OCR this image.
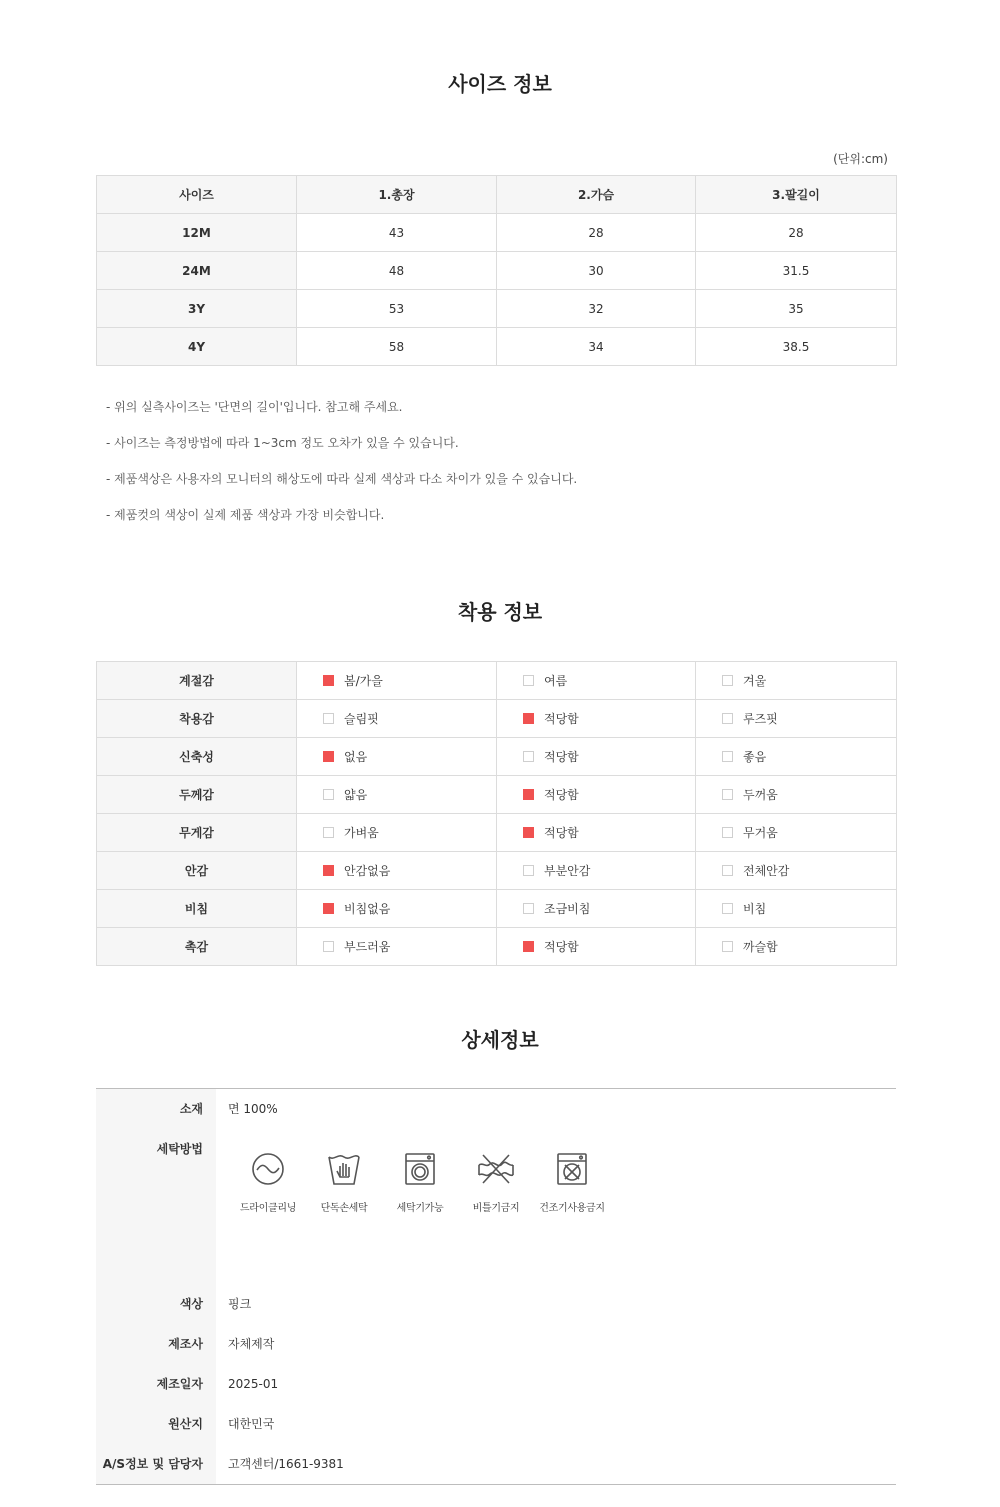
사이즈 정보
(단위:cm)
사이즈	1.총장	2.가슴	3.팔길이
12M	43	28	28
24M	48	30	31.5
3Y	53	32	35
4Y	58	34	38.5
- 위의 실측사이즈는 '단면의 길이'입니다. 참고해 주세요.
- 사이즈는 측정방법에 따라 1~3cm 정도 오차가 있을 수 있습니다.
- 제품색상은 사용자의 모니터의 해상도에 따라 실제 색상과 다소 차이가 있을 수 있습니다.
- 제품컷의 색상이 실제 제품 색상과 가장 비슷합니다.
착용 정보
계절감	봄/가을	여름	겨울
착용감	슬림핏	적당함	루즈핏
신축성	없음	적당함	좋음
두께감	얇음	적당함	두꺼움
무게감	가벼움	적당함	무거움
안감	안감없음	부분안감	전체안감
비침	비침없음	조금비침	비침
촉감	부드러움	적당함	까슬함
상세정보
소재	면 100%
세탁방법
드라이클리닝	단독손세탁	세탁기가능	비틀기금지	건조기사용금지
색상	핑크
제조사	자체제작
제조일자	2025-01
원산지	대한민국
A/S정보 및 담당자	고객센터/1661-9381
